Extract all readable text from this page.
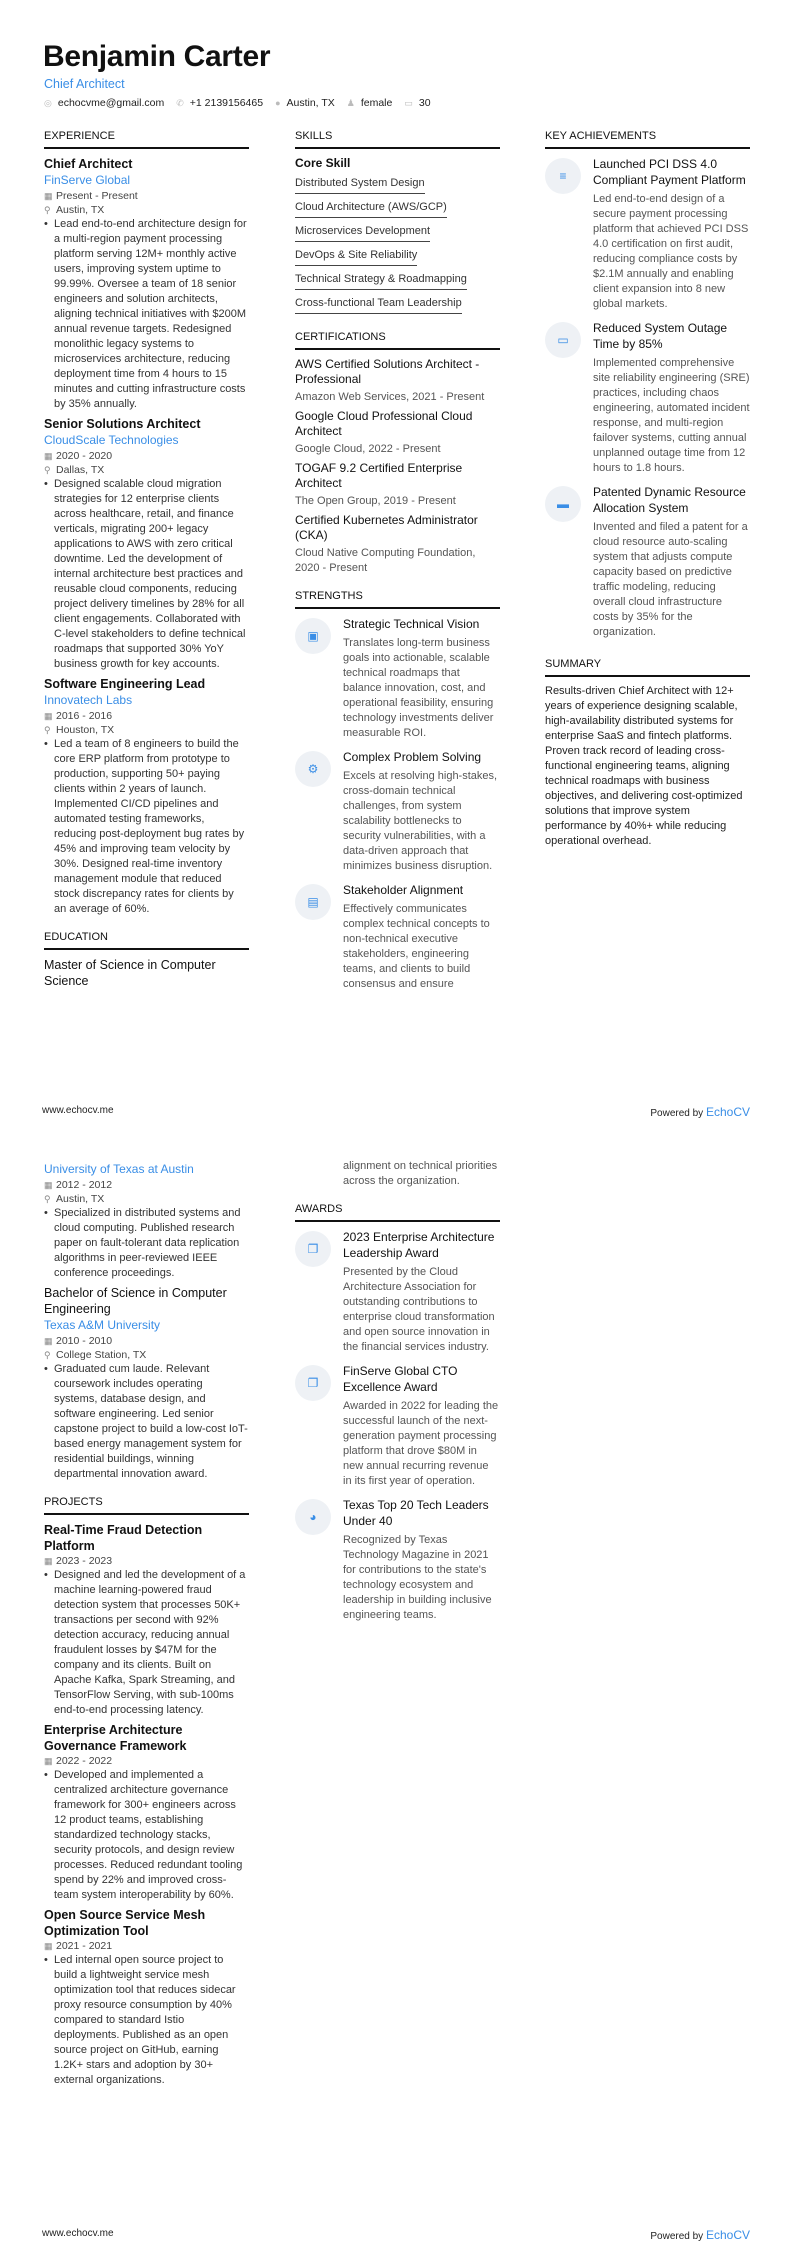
Benjamin Carter
Chief Architect
◎ echocvme@gmail.com ✆ +1 2139156465 ● Austin, TX ♟ female ▭ 30
EXPERIENCE
Chief Architect
FinServe Global
▦ Present - Present
⚲ Austin, TX
• Lead end-to-end architecture design for a multi-region payment processing platform serving 12M+ monthly active users, improving system uptime to 99.99%. Oversee a team of 18 senior engineers and solution architects, aligning technical initiatives with $200M annual revenue targets. Redesigned monolithic legacy systems to microservices architecture, reducing deployment time from 4 hours to 15 minutes and cutting infrastructure costs by 35% annually.
Senior Solutions Architect
CloudScale Technologies
▦ 2020 - 2020
⚲ Dallas, TX
• Designed scalable cloud migration strategies for 12 enterprise clients across healthcare, retail, and finance verticals, migrating 200+ legacy applications to AWS with zero critical downtime. Led the development of internal architecture best practices and reusable cloud components, reducing project delivery timelines by 28% for all client engagements. Collaborated with C-level stakeholders to define technical roadmaps that supported 30% YoY business growth for key accounts.
Software Engineering Lead
Innovatech Labs
▦ 2016 - 2016
⚲ Houston, TX
• Led a team of 8 engineers to build the core ERP platform from prototype to production, supporting 50+ paying clients within 2 years of launch. Implemented CI/CD pipelines and automated testing frameworks, reducing post-deployment bug rates by 45% and improving team velocity by 30%. Designed real-time inventory management module that reduced stock discrepancy rates for clients by an average of 60%.
EDUCATION
Master of Science in Computer Science
SKILLS
Core Skill
Distributed System Design
Cloud Architecture (AWS/GCP)
Microservices Development
DevOps & Site Reliability
Technical Strategy & Roadmapping
Cross-functional Team Leadership

CERTIFICATIONS
AWS Certified Solutions Architect - Professional
Amazon Web Services, 2021 - Present
Google Cloud Professional Cloud Architect
Google Cloud, 2022 - Present
TOGAF 9.2 Certified Enterprise Architect
The Open Group, 2019 - Present
Certified Kubernetes Administrator (CKA)
Cloud Native Computing Foundation, 2020 - Present
STRENGTHS
▣
Strategic Technical Vision
Translates long-term business goals into actionable, scalable technical roadmaps that balance innovation, cost, and operational feasibility, ensuring technology investments deliver measurable ROI.
⚙
Complex Problem Solving
Excels at resolving high-stakes, cross-domain technical challenges, from system scalability bottlenecks to security vulnerabilities, with a data-driven approach that minimizes business disruption.
▤
Stakeholder Alignment
Effectively communicates complex technical concepts to non-technical executive stakeholders, engineering teams, and clients to build consensus and ensure
KEY ACHIEVEMENTS
≡
Launched PCI DSS 4.0 Compliant Payment Platform
Led end-to-end design of a secure payment processing platform that achieved PCI DSS 4.0 certification on first audit, reducing compliance costs by $2.1M annually and enabling client expansion into 8 new global markets.
▭
Reduced System Outage Time by 85%
Implemented comprehensive site reliability engineering (SRE) practices, including chaos engineering, automated incident response, and multi-region failover systems, cutting annual unplanned outage time from 12 hours to 1.8 hours.
▬
Patented Dynamic Resource Allocation System
Invented and filed a patent for a cloud resource auto-scaling system that adjusts compute capacity based on predictive traffic modeling, reducing overall cloud infrastructure costs by 35% for the organization.
SUMMARY
Results-driven Chief Architect with 12+ years of experience designing scalable, high-availability distributed systems for enterprise SaaS and fintech platforms. Proven track record of leading cross-functional engineering teams, aligning technical roadmaps with business objectives, and delivering cost-optimized solutions that improve system performance by 40%+ while reducing operational overhead.
www.echocv.me	Powered by EchoCV
University of Texas at Austin
▦ 2012 - 2012
⚲ Austin, TX
• Specialized in distributed systems and cloud computing. Published research paper on fault-tolerant data replication algorithms in peer-reviewed IEEE conference proceedings.
Bachelor of Science in Computer Engineering
Texas A&M University
▦ 2010 - 2010
⚲ College Station, TX
• Graduated cum laude. Relevant coursework includes operating systems, database design, and software engineering. Led senior capstone project to build a low-cost IoT-based energy management system for residential buildings, winning departmental innovation award.
PROJECTS
Real-Time Fraud Detection Platform
▦ 2023 - 2023
• Designed and led the development of a machine learning-powered fraud detection system that processes 50K+ transactions per second with 92% detection accuracy, reducing annual fraudulent losses by $47M for the company and its clients. Built on Apache Kafka, Spark Streaming, and TensorFlow Serving, with sub-100ms end-to-end processing latency.
Enterprise Architecture Governance Framework
▦ 2022 - 2022
• Developed and implemented a centralized architecture governance framework for 300+ engineers across 12 product teams, establishing standardized technology stacks, security protocols, and design review processes. Reduced redundant tooling spend by 22% and improved cross-team system interoperability by 60%.
Open Source Service Mesh Optimization Tool
▦ 2021 - 2021
• Led internal open source project to build a lightweight service mesh optimization tool that reduces sidecar proxy resource consumption by 40% compared to standard Istio deployments. Published as an open source project on GitHub, earning 1.2K+ stars and adoption by 30+ external organizations.
alignment on technical priorities across the organization.
AWARDS
❐
2023 Enterprise Architecture Leadership Award
Presented by the Cloud Architecture Association for outstanding contributions to enterprise cloud transformation and open source innovation in the financial services industry.
❐
FinServe Global CTO Excellence Award
Awarded in 2022 for leading the successful launch of the next-generation payment processing platform that drove $80M in new annual recurring revenue in its first year of operation.
◕
Texas Top 20 Tech Leaders Under 40
Recognized by Texas Technology Magazine in 2021 for contributions to the state's technology ecosystem and leadership in building inclusive engineering teams.
www.echocv.me	Powered by EchoCV
